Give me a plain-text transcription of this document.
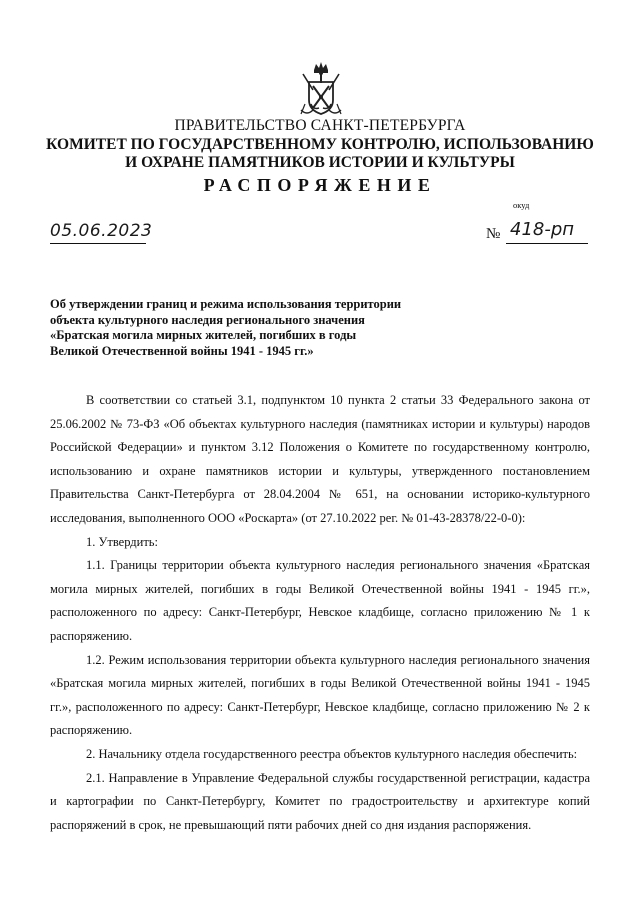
ПРАВИТЕЛЬСТВО САНКТ-ПЕТЕРБУРГА
КОМИТЕТ ПО ГОСУДАРСТВЕННОМУ КОНТРОЛЮ, ИСПОЛЬЗОВАНИЮ
И ОХРАНЕ ПАМЯТНИКОВ ИСТОРИИ И КУЛЬТУРЫ
РАСПОРЯЖЕНИЕ
окуд
05.06.2023	№ 418-рп
Об утверждении границ и режима использования территории
объекта культурного наследия регионального значения
«Братская могила мирных жителей, погибших в годы
Великой Отечественной войны 1941 - 1945 гг.»

В соответствии со статьей 3.1, подпунктом 10 пункта 2 статьи 33 Федерального закона от 25.06.2002 № 73-ФЗ «Об объектах культурного наследия (памятниках истории и культуры) народов Российской Федерации» и пунктом 3.12 Положения о Комитете по государственному контролю, использованию и охране памятников истории и культуры, утвержденного постановлением Правительства Санкт-Петербурга от 28.04.2004 № 651, на основании историко-культурного исследования, выполненного ООО «Роскарта» (от 27.10.2022 рег. № 01-43-28378/22-0-0):

1. Утвердить:

1.1. Границы территории объекта культурного наследия регионального значения «Братская могила мирных жителей, погибших в годы Великой Отечественной войны 1941 - 1945 гг.», расположенного по адресу: Санкт-Петербург, Невское кладбище, согласно приложению № 1 к распоряжению.

1.2. Режим использования территории объекта культурного наследия регионального значения «Братская могила мирных жителей, погибших в годы Великой Отечественной войны 1941 - 1945 гг.», расположенного по адресу: Санкт-Петербург, Невское кладбище, согласно приложению № 2 к распоряжению.

2. Начальнику отдела государственного реестра объектов культурного наследия обеспечить:

2.1. Направление в Управление Федеральной службы государственной регистрации, кадастра и картографии по Санкт-Петербургу, Комитет по градостроительству и архитектуре копий распоряжений в срок, не превышающий пяти рабочих дней со дня издания распоряжения.
